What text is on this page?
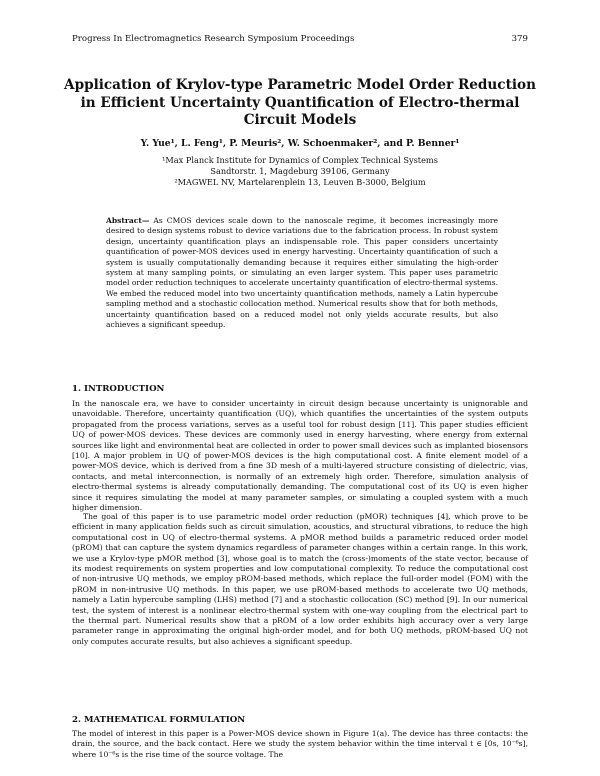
Progress In Electromagnetics Research Symposium Proceedings	379
Application of Krylov-type Parametric Model Order Reduction in Efficient Uncertainty Quantification of Electro-thermal Circuit Models
Y. Yue¹, L. Feng¹, P. Meuris², W. Schoenmaker², and P. Benner¹
¹Max Planck Institute for Dynamics of Complex Technical Systems
Sandtorstr. 1, Magdeburg 39106, Germany
²MAGWEL NV, Martelarenplein 13, Leuven B-3000, Belgium
Abstract— As CMOS devices scale down to the nanoscale regime, it becomes increasingly more desired to design systems robust to device variations due to the fabrication process. In robust system design, uncertainty quantification plays an indispensable role. This paper considers uncertainty quantification of power-MOS devices used in energy harvesting. Uncertainty quantification of such a system is usually computationally demanding because it requires either simulating the high-order system at many sampling points, or simulating an even larger system. This paper uses parametric model order reduction techniques to accelerate uncertainty quantification of electro-thermal systems. We embed the reduced model into two uncertainty quantification methods, namely a Latin hypercube sampling method and a stochastic collocation method. Numerical results show that for both methods, uncertainty quantification based on a reduced model not only yields accurate results, but also achieves a significant speedup.
1. INTRODUCTION

In the nanoscale era, we have to consider uncertainty in circuit design because uncertainty is unignorable and unavoidable. Therefore, uncertainty quantification (UQ), which quantifies the uncertainties of the system outputs propagated from the process variations, serves as a useful tool for robust design [11]. This paper studies efficient UQ of power-MOS devices. These devices are commonly used in energy harvesting, where energy from external sources like light and environmental heat are collected in order to power small devices such as implanted biosensors [10]. A major problem in UQ of power-MOS devices is the high computational cost. A finite element model of a power-MOS device, which is derived from a fine 3D mesh of a multi-layered structure consisting of dielectric, vias, contacts, and metal interconnection, is normally of an extremely high order. Therefore, simulation analysis of electro-thermal systems is already computationally demanding. The computational cost of its UQ is even higher since it requires simulating the model at many parameter samples, or simulating a coupled system with a much higher dimension.

The goal of this paper is to use parametric model order reduction (pMOR) techniques [4], which prove to be efficient in many application fields such as circuit simulation, acoustics, and structural vibrations, to reduce the high computational cost in UQ of electro-thermal systems. A pMOR method builds a parametric reduced order model (pROM) that can capture the system dynamics regardless of parameter changes within a certain range. In this work, we use a Krylov-type pMOR method [3], whose goal is to match the (cross-)moments of the state vector, because of its modest requirements on system properties and low computational complexity. To reduce the computational cost of non-intrusive UQ methods, we employ pROM-based methods, which replace the full-order model (FOM) with the pROM in non-intrusive UQ methods. In this paper, we use pROM-based methods to accelerate two UQ methods, namely a Latin hypercube sampling (LHS) method [7] and a stochastic collocation (SC) method [9]. In our numerical test, the system of interest is a nonlinear electro-thermal system with one-way coupling from the electrical part to the thermal part. Numerical results show that a pROM of a low order exhibits high accuracy over a very large parameter range in approximating the original high-order model, and for both UQ methods, pROM-based UQ not only computes accurate results, but also achieves a significant speedup.

2. MATHEMATICAL FORMULATION

The model of interest in this paper is a Power-MOS device shown in Figure 1(a). The device has three contacts: the drain, the source, and the back contact. Here we study the system behavior within the time interval t ∈ [0s, 10⁻⁶s], where 10⁻⁶s is the rise time of the source voltage. The
